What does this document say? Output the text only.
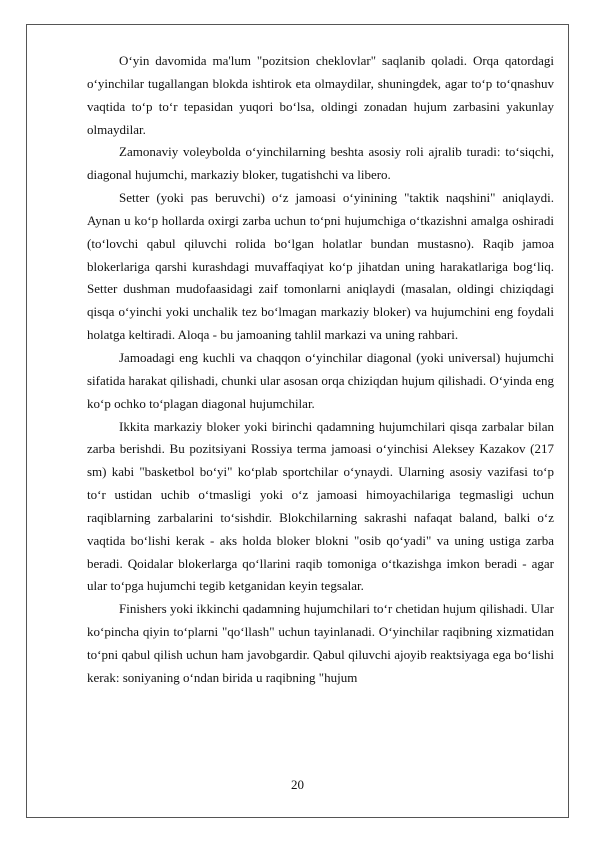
O‘yin davomida ma'lum "pozitsion cheklovlar" saqlanib qoladi. Orqa qatordagi o‘yinchilar tugallangan blokda ishtirok eta olmaydilar, shuningdek, agar to‘p to‘qnashuv vaqtida to‘p to‘r tepasidan yuqori bo‘lsa, oldingi zonadan hujum zarbasini yakunlay olmaydilar.

Zamonaviy voleybolda o‘yinchilarning beshta asosiy roli ajralib turadi: to‘siqchi, diagonal hujumchi, markaziy bloker, tugatishchi va libero.

Setter (yoki pas beruvchi) o‘z jamoasi o‘yinining "taktik naqshini" aniqlaydi. Aynan u ko‘p hollarda oxirgi zarba uchun to‘pni hujumchiga o‘tkazishni amalga oshiradi (to‘lovchi qabul qiluvchi rolida bo‘lgan holatlar bundan mustasno). Raqib jamoa blokerlariga qarshi kurashdagi muvaffaqiyat ko‘p jihatdan uning harakatlariga bog‘liq. Setter dushman mudofaasidagi zaif tomonlarni aniqlaydi (masalan, oldingi chiziqdagi qisqa o‘yinchi yoki unchalik tez bo‘lmagan markaziy bloker) va hujumchini eng foydali holatga keltiradi. Aloqa - bu jamoaning tahlil markazi va uning rahbari.

Jamoadagi eng kuchli va chaqqon o‘yinchilar diagonal (yoki universal) hujumchi sifatida harakat qilishadi, chunki ular asosan orqa chiziqdan hujum qilishadi. O‘yinda eng ko‘p ochko to‘plagan diagonal hujumchilar.

Ikkita markaziy bloker yoki birinchi qadamning hujumchilari qisqa zarbalar bilan zarba berishdi. Bu pozitsiyani Rossiya terma jamoasi o‘yinchisi Aleksey Kazakov (217 sm) kabi "basketbol bo‘yi" ko‘plab sportchilar o‘ynaydi. Ularning asosiy vazifasi to‘p to‘r ustidan uchib o‘tmasligi yoki o‘z jamoasi himoyachilariga tegmasligi uchun raqiblarning zarbalarini to‘sishdir. Blokchilarning sakrashi nafaqat baland, balki o‘z vaqtida bo‘lishi kerak - aks holda bloker blokni "osib qo‘yadi" va uning ustiga zarba beradi. Qoidalar blokerlarga qo‘llarini raqib tomoniga o‘tkazishga imkon beradi - agar ular to‘pga hujumchi tegib ketganidan keyin tegsalar.

Finishers yoki ikkinchi qadamning hujumchilari to‘r chetidan hujum qilishadi. Ular ko‘pincha qiyin to‘plarni "qo‘llash" uchun tayinlanadi. O‘yinchilar raqibning xizmatidan to‘pni qabul qilish uchun ham javobgardir. Qabul qiluvchi ajoyib reaktsiyaga ega bo‘lishi kerak: soniyaning o‘ndan birida u raqibning "hujum

20
